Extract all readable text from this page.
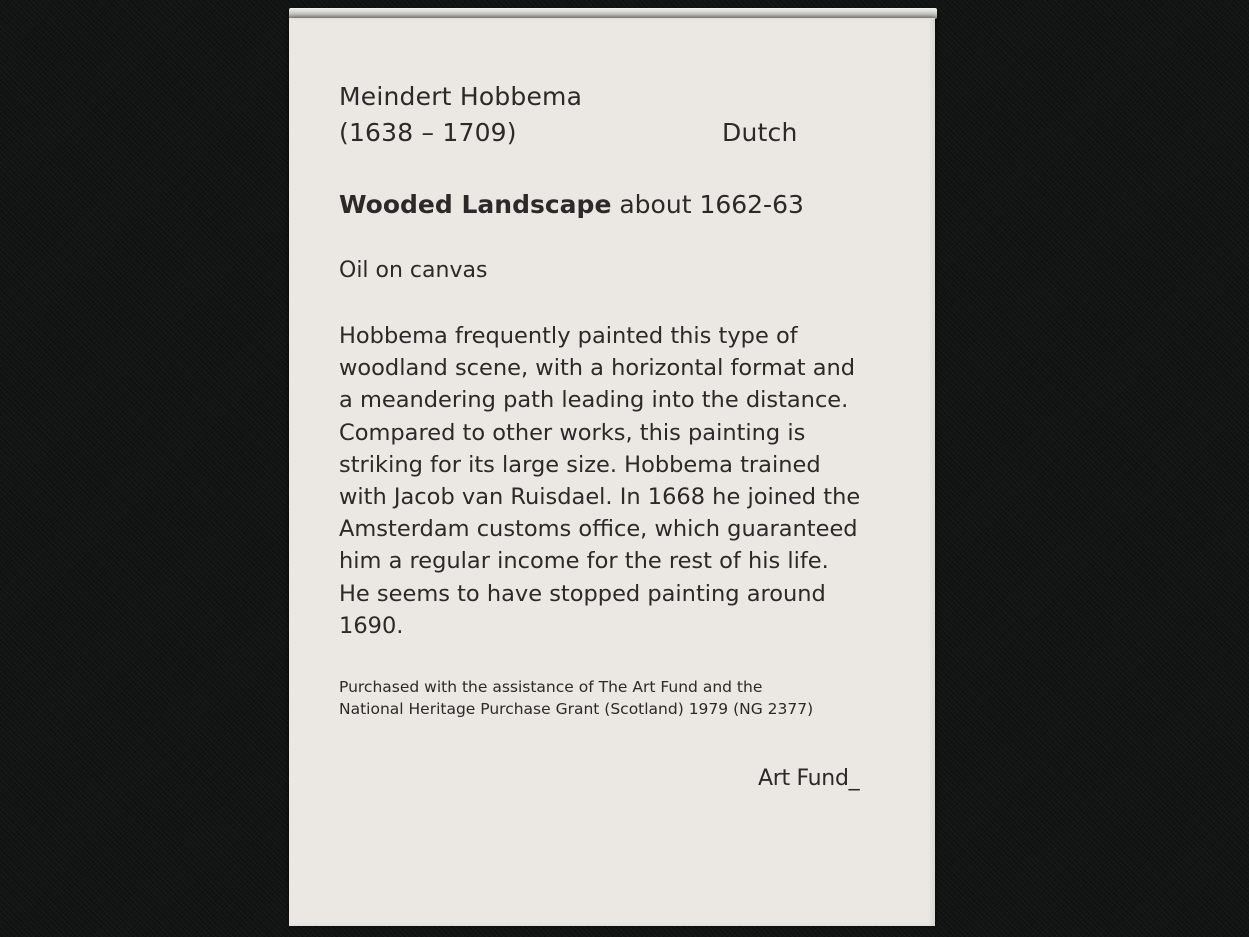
Meindert Hobbema
(1638 – 1709)	Dutch
Wooded Landscape about 1662-63
Oil on canvas
Hobbema frequently painted this type of
woodland scene, with a horizontal format and
a meandering path leading into the distance.
Compared to other works, this painting is
striking for its large size. Hobbema trained
with Jacob van Ruisdael. In 1668 he joined the
Amsterdam customs office, which guaranteed
him a regular income for the rest of his life.
He seems to have stopped painting around
1690.
Purchased with the assistance of The Art Fund and the
National Heritage Purchase Grant (Scotland) 1979 (NG 2377)
Art Fund_
